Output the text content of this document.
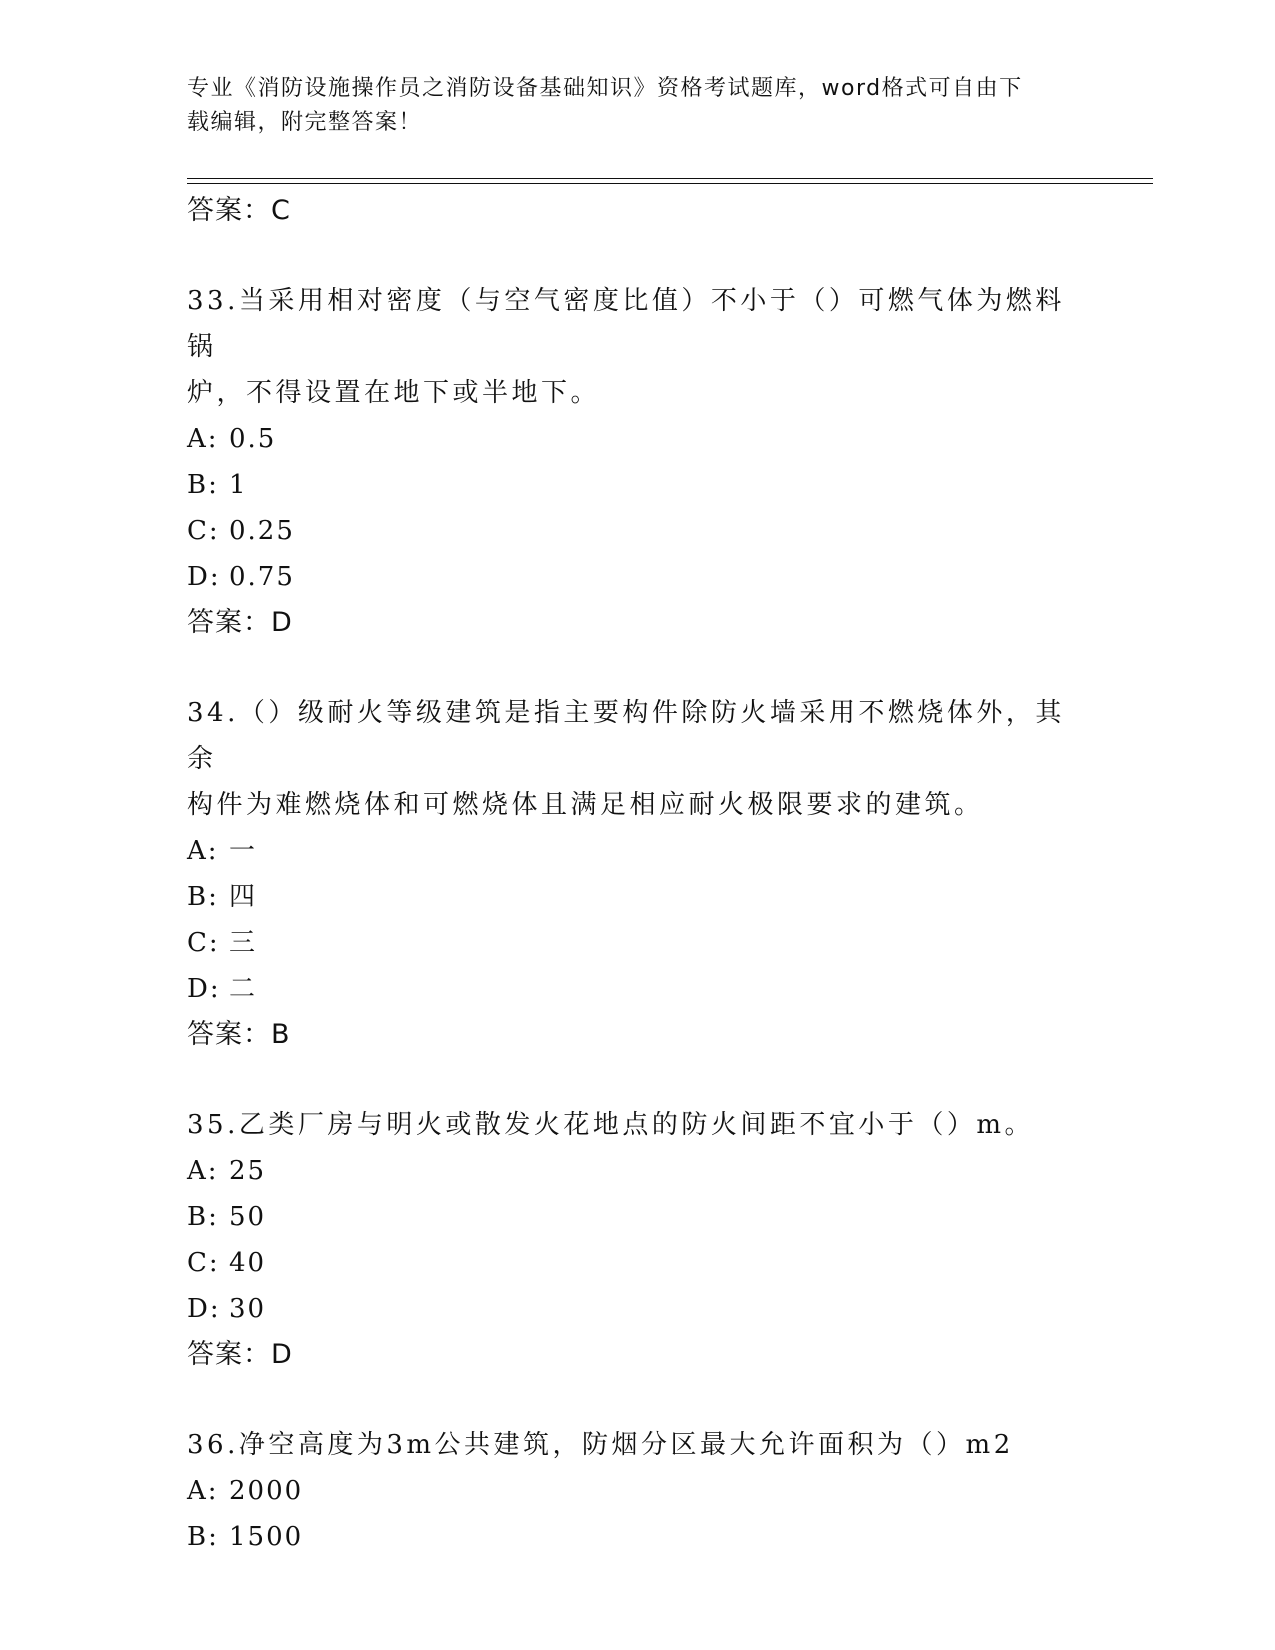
专业《消防设施操作员之消防设备基础知识》资格考试题库，word格式可自由下
载编辑，附完整答案！
答案：C
33.当采用相对密度（与空气密度比值）不小于（）可燃气体为燃料锅
炉，不得设置在地下或半地下。
A: 0.5
B: 1
C: 0.25
D: 0.75
答案：D
34.（）级耐火等级建筑是指主要构件除防火墙采用不燃烧体外，其余
构件为难燃烧体和可燃烧体且满足相应耐火极限要求的建筑。
A: 一
B: 四
C: 三
D: 二
答案：B
35.乙类厂房与明火或散发火花地点的防火间距不宜小于（）m。
A: 25
B: 50
C: 40
D: 30
答案：D
36.净空高度为3m公共建筑，防烟分区最大允许面积为（）m2
A: 2000
B: 1500
